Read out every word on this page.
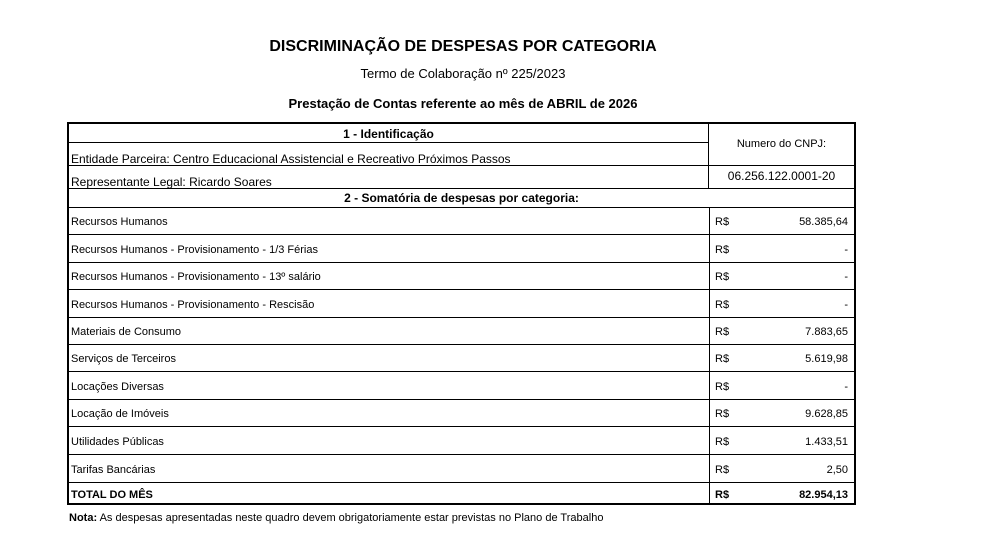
DISCRIMINAÇÃO DE DESPESAS POR CATEGORIA
Termo de Colaboração nº 225/2023
Prestação de Contas referente ao mês de ABRIL de 2026
1 - Identificação
Entidade Parceira: Centro Educacional Assistencial e Recreativo Próximos Passos
Representante Legal: Ricardo Soares
Numero do CNPJ:
06.256.122.0001-20
2 - Somatória de despesas por categoria:
Recursos Humanos	R$	58.385,64
Recursos Humanos - Provisionamento - 1/3 Férias	R$	-
Recursos Humanos - Provisionamento - 13º salário	R$	-
Recursos Humanos - Provisionamento - Rescisão	R$	-
Materiais de Consumo	R$	7.883,65
Serviços de Terceiros	R$	5.619,98
Locações Diversas	R$	-
Locação de Imóveis	R$	9.628,85
Utilidades Públicas	R$	1.433,51
Tarifas Bancárias	R$	2,50
TOTAL DO MÊS	R$	82.954,13
Nota: As despesas apresentadas neste quadro devem obrigatoriamente estar previstas no Plano de Trabalho
